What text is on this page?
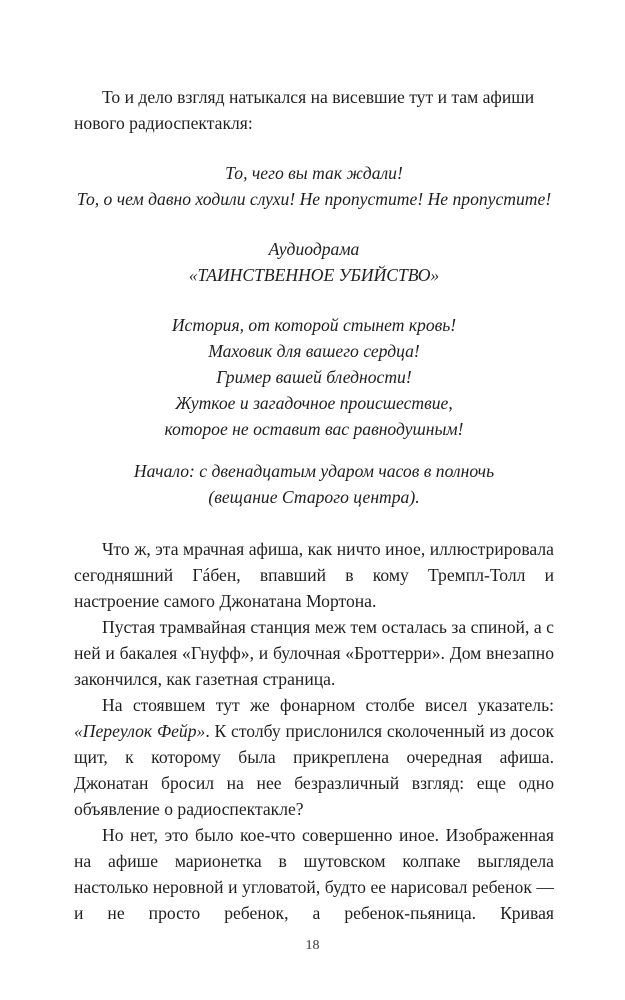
То и дело взгляд натыкался на висевшие тут и там афиши
нового радиоспектакля:

То, чего вы так ждали!
То, о чем давно ходили слухи! Не пропустите! Не пропустите!
Аудиодрама
«ТАИНСТВЕННОЕ УБИЙСТВО»
История, от которой стынет кровь!
Маховик для вашего сердца!
Гример вашей бледности!
Жуткое и загадочное происшествие,
которое не оставит вас равнодушным!
Начало: с двенадцатым ударом часов в полночь
(вещание Старого центра).

Что ж, эта мрачная афиша, как ничто иное, иллюстрировала сегодняшний Гáбен, впавший в кому Тремпл-Толл и настроение самого Джонатана Мортона.

Пустая трамвайная станция меж тем осталась за спиной, а с ней и бакалея «Гнуфф», и булочная «Броттерри». Дом внезапно закончился, как газетная страница.

На стоявшем тут же фонарном столбе висел указатель: «Переулок Фейр». К столбу прислонился сколоченный из досок щит, к которому была прикреплена очередная афиша. Джонатан бросил на нее безразличный взгляд: еще одно объявление о радиоспектакле?

Но нет, это было кое-что совершенно иное. Изображенная на афише марионетка в шутовском колпаке выглядела настолько неровной и угловатой, будто ее нарисовал ребенок — и не просто ребенок, а ребенок-пьяница. Кривая

18
